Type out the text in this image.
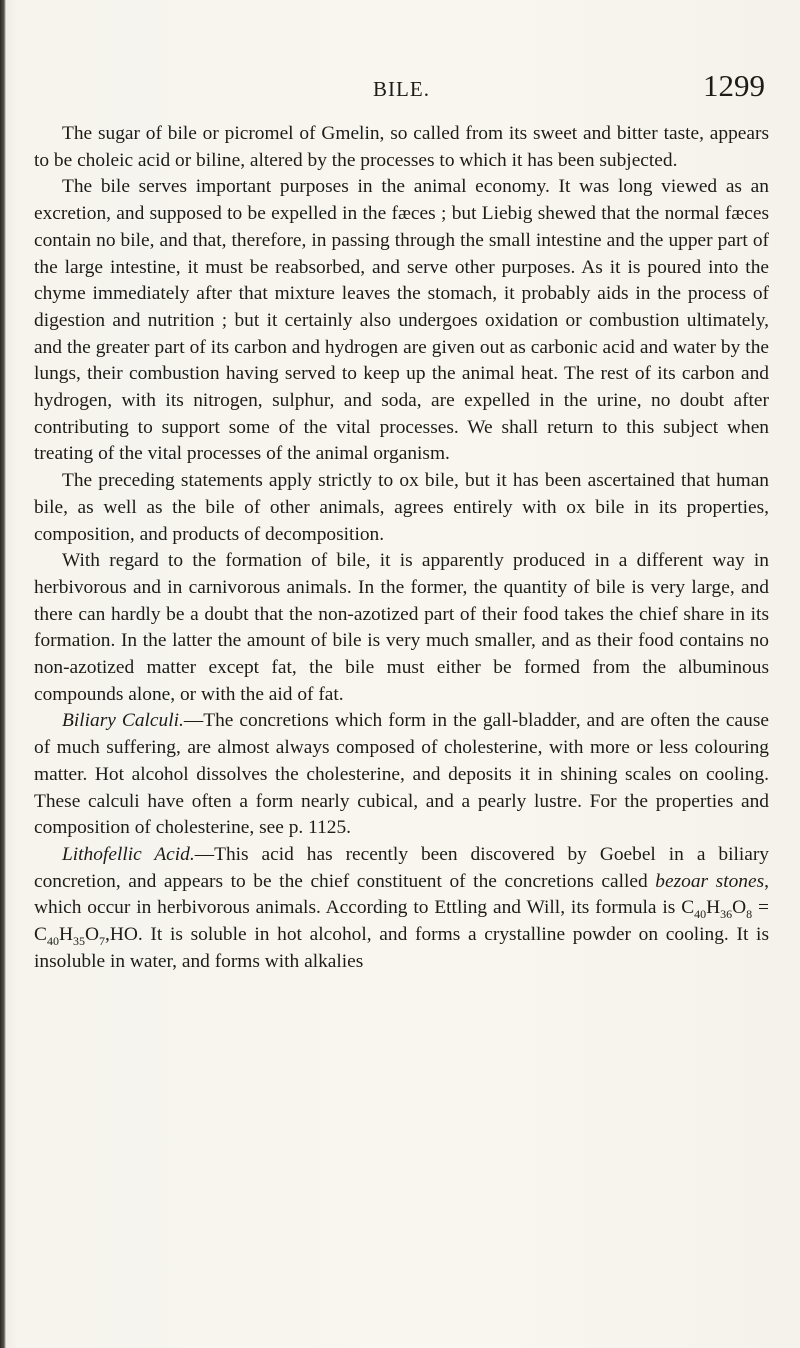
BILE.	1299

The sugar of bile or picromel of Gmelin, so called from its sweet and bitter taste, appears to be choleic acid or biline, altered by the processes to which it has been subjected.

The bile serves important purposes in the animal economy. It was long viewed as an excretion, and supposed to be expelled in the fæces ; but Liebig shewed that the normal fæces contain no bile, and that, therefore, in passing through the small intestine and the upper part of the large intestine, it must be reabsorbed, and serve other purposes. As it is poured into the chyme immediately after that mixture leaves the stomach, it probably aids in the process of digestion and nutrition ; but it certainly also undergoes oxidation or combustion ultimately, and the greater part of its carbon and hydrogen are given out as carbonic acid and water by the lungs, their combustion having served to keep up the animal heat. The rest of its carbon and hydrogen, with its nitrogen, sulphur, and soda, are expelled in the urine, no doubt after contributing to support some of the vital processes. We shall return to this subject when treating of the vital processes of the animal organism.

The preceding statements apply strictly to ox bile, but it has been ascertained that human bile, as well as the bile of other animals, agrees entirely with ox bile in its properties, composition, and products of decomposition.

With regard to the formation of bile, it is apparently produced in a different way in herbivorous and in carnivorous animals. In the former, the quantity of bile is very large, and there can hardly be a doubt that the non-azotized part of their food takes the chief share in its formation. In the latter the amount of bile is very much smaller, and as their food contains no non-azotized matter except fat, the bile must either be formed from the albuminous compounds alone, or with the aid of fat.

Biliary Calculi.—The concretions which form in the gall-bladder, and are often the cause of much suffering, are almost always composed of cholesterine, with more or less colouring matter. Hot alcohol dissolves the cholesterine, and deposits it in shining scales on cooling. These calculi have often a form nearly cubical, and a pearly lustre. For the properties and composition of cholesterine, see p. 1125.

Lithofellic Acid.—This acid has recently been discovered by Goebel in a biliary concretion, and appears to be the chief constituent of the concretions called bezoar stones, which occur in herbivorous animals. According to Ettling and Will, its formula is $C_{40}H_{36}O_8 = C_{40}H_{35}O_7,HO$. It is soluble in hot alcohol, and forms a crystalline powder on cooling. It is insoluble in water, and forms with alkalies
